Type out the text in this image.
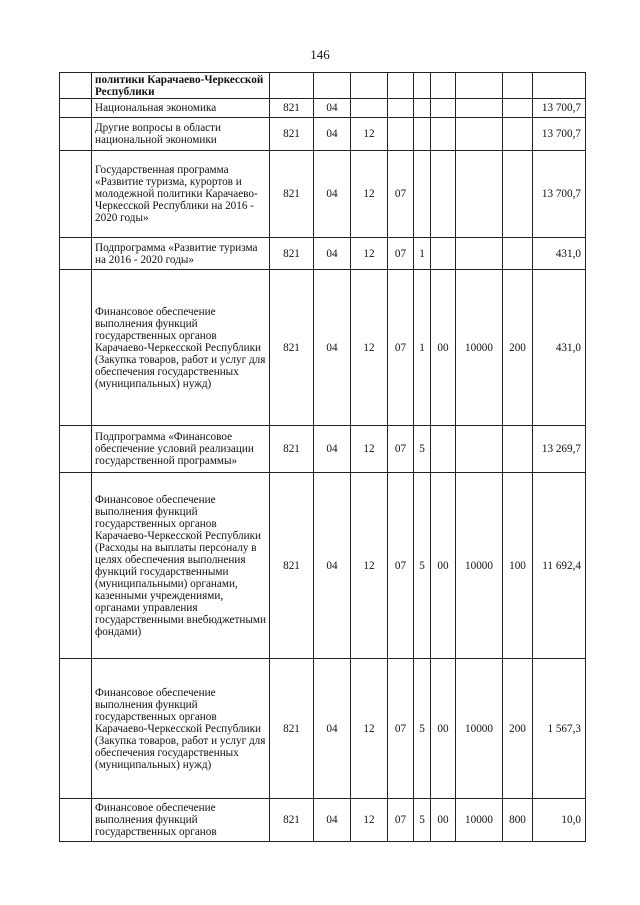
146
	политики Карачаево-Черкесской Республики									
	Национальная экономика	821	04							13 700,7
	Другие вопросы в области национальной экономики	821	04	12						13 700,7
	Государственная программа «Развитие туризма, курортов и молодежной политики Карачаево-Черкесской Республики на 2016 - 2020 годы»	821	04	12	07					13 700,7
	Подпрограмма «Развитие туризма на 2016 - 2020 годы»	821	04	12	07	1				431,0
	Финансовое обеспечение выполнения функций государственных органов Карачаево-Черкесской Республики (Закупка товаров, работ и услуг для обеспечения государственных (муниципальных) нужд)	821	04	12	07	1	00	10000	200	431,0
	Подпрограмма «Финансовое обеспечение условий реализации государственной программы»	821	04	12	07	5				13 269,7
	Финансовое обеспечение выполнения функций государственных органов Карачаево-Черкесской Республики (Расходы на выплаты персоналу в целях обеспечения выполнения функций государственными (муниципальными) органами, казенными учреждениями, органами управления государственными внебюджетными фондами)	821	04	12	07	5	00	10000	100	11 692,4
	Финансовое обеспечение выполнения функций государственных органов Карачаево-Черкесской Республики (Закупка товаров, работ и услуг для обеспечения государственных (муниципальных) нужд)	821	04	12	07	5	00	10000	200	1 567,3
	Финансовое обеспечение выполнения функций государственных органов	821	04	12	07	5	00	10000	800	10,0
